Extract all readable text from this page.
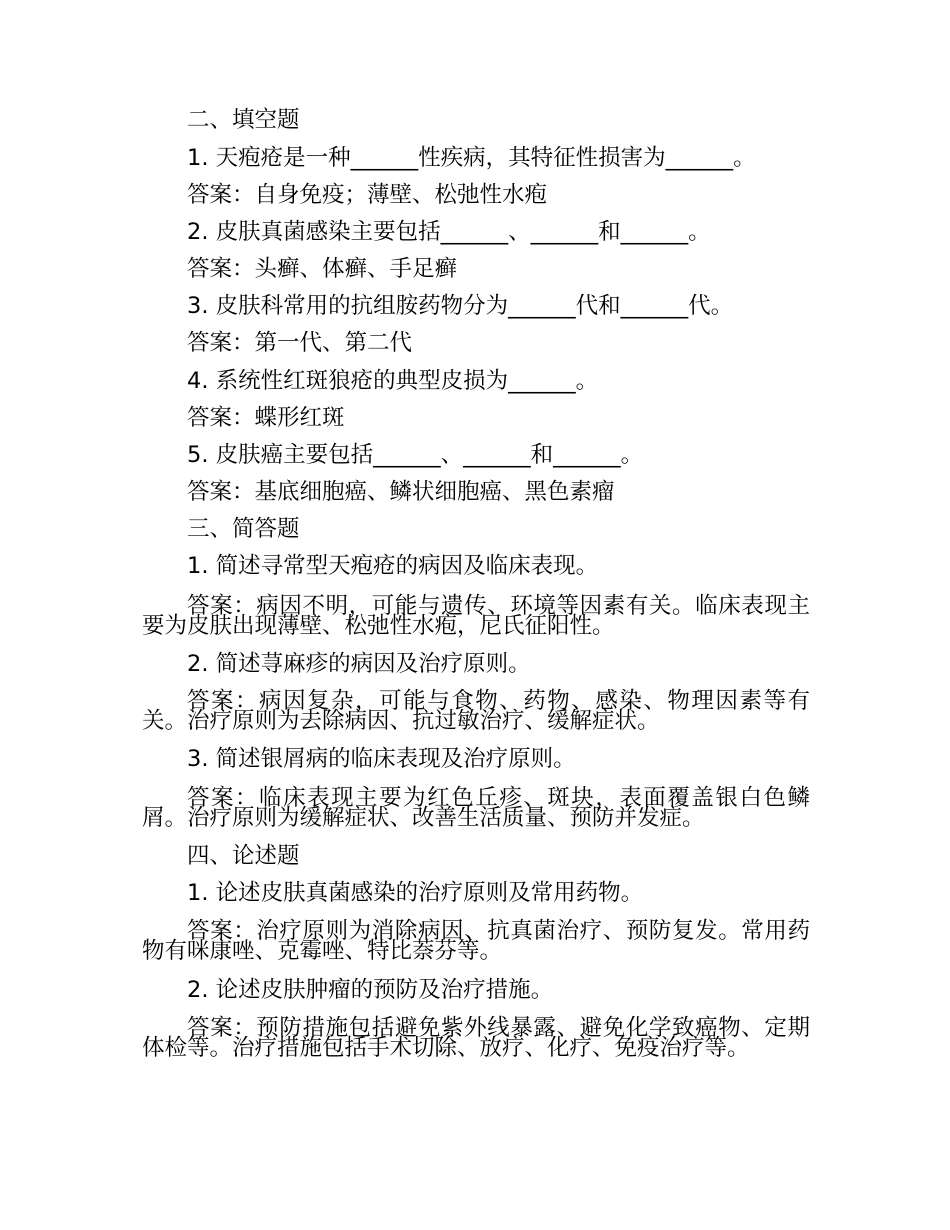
二、填空题
1. 天疱疮是一种______性疾病，其特征性损害为______。
答案：自身免疫；薄壁、松弛性水疱
2. 皮肤真菌感染主要包括______、______和______。
答案：头癣、体癣、手足癣
3. 皮肤科常用的抗组胺药物分为______代和______代。
答案：第一代、第二代
4. 系统性红斑狼疮的典型皮损为______。
答案：蝶形红斑
5. 皮肤癌主要包括______、______和______。
答案：基底细胞癌、鳞状细胞癌、黑色素瘤
三、简答题
1. 简述寻常型天疱疮的病因及临床表现。
答案：病因不明，可能与遗传、环境等因素有关。临床表现主要为皮肤出现薄壁、松弛性水疱，尼氏征阳性。
2. 简述荨麻疹的病因及治疗原则。
答案：病因复杂，可能与食物、药物、感染、物理因素等有关。治疗原则为去除病因、抗过敏治疗、缓解症状。
3. 简述银屑病的临床表现及治疗原则。
答案：临床表现主要为红色丘疹、斑块，表面覆盖银白色鳞屑。治疗原则为缓解症状、改善生活质量、预防并发症。
四、论述题
1. 论述皮肤真菌感染的治疗原则及常用药物。
答案：治疗原则为消除病因、抗真菌治疗、预防复发。常用药物有咪康唑、克霉唑、特比萘芬等。
2. 论述皮肤肿瘤的预防及治疗措施。
答案：预防措施包括避免紫外线暴露、避免化学致癌物、定期体检等。治疗措施包括手术切除、放疗、化疗、免疫治疗等。
